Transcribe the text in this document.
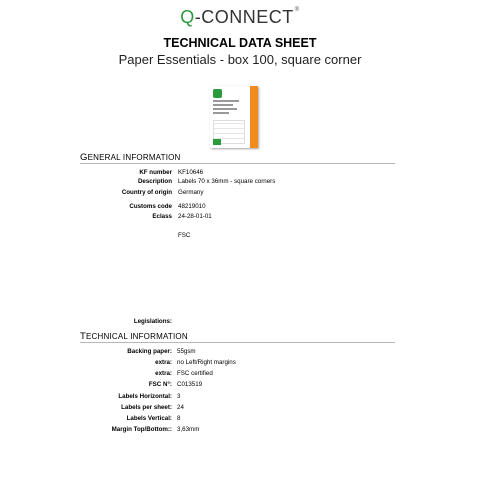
Q-CONNECT®
TECHNICAL DATA SHEET
Paper Essentials - box 100, square corner
GENERAL INFORMATION
KF number KF10646
Description Labels 70 x 36mm - square corners
Country of origin Germany
Customs code 48219010
Eclass 24-28-01-01
FSC
Legislations:
TECHNICAL INFORMATION
Backing paper: 55gsm
extra: no Left/Right margins
extra: FSC certified
FSC N°: C013519
Labels Horizontal: 3
Labels per sheet: 24
Labels Vertical: 8
Margin Top/Bottom:: 3,63mm
